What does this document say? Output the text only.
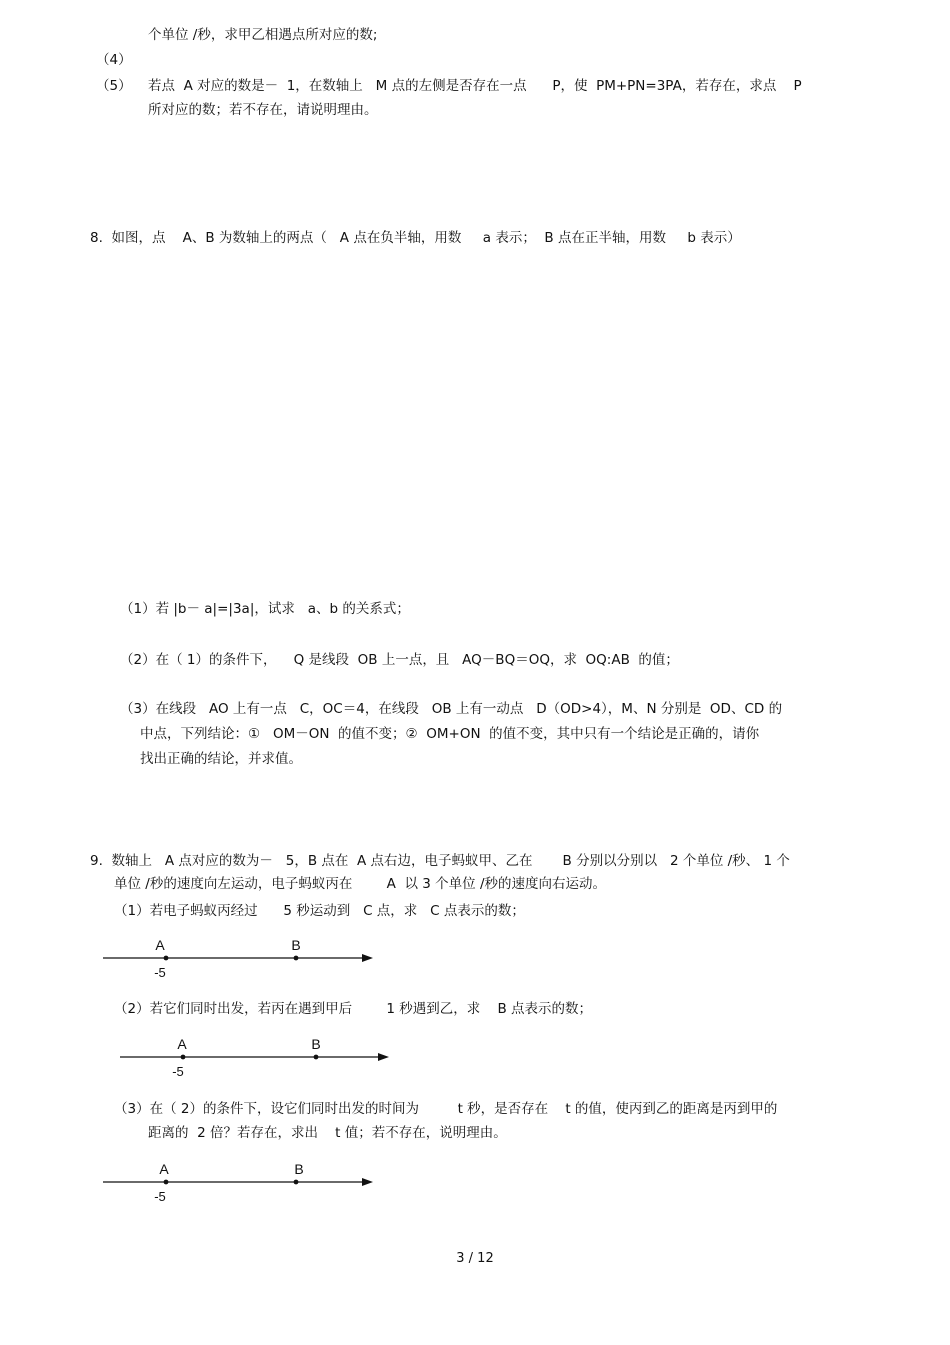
个单位 /秒，求甲乙相遇点所对应的数;
（4）
（5） 若点  A 对应的数是－  1，在数轴上   M 点的左侧是否存在一点      P，使  PM+PN=3PA，若存在，求点    P
所对应的数；若不存在，请说明理由。
8.  如图，点    A、B 为数轴上的两点（   A 点在负半轴，用数     a 表示；  B 点在正半轴，用数     b 表示）
（1）若 |b－ a|=|3a|，试求   a、b 的关系式；
（2）在（ 1）的条件下，    Q 是线段  OB 上一点，且   AQ－BQ＝OQ，求  OQ:AB  的值；
（3）在线段   AO 上有一点   C，OC＝4，在线段   OB 上有一动点   D（OD>4），M、N 分别是  OD、CD 的
中点，下列结论：①   OM－ON  的值不变；②  OM+ON  的值不变，其中只有一个结论是正确的，请你
找出正确的结论，并求值。
9.  数轴上   A 点对应的数为－   5，B 点在  A 点右边，电子蚂蚁甲、乙在       B 分别以分别以   2 个单位 /秒、 1 个
单位 /秒的速度向左运动，电子蚂蚁丙在        A  以 3 个单位 /秒的速度向右运动。
（1）若电子蚂蚁丙经过      5 秒运动到   C 点，求   C 点表示的数；
A	B
-5
（2）若它们同时出发，若丙在遇到甲后        1 秒遇到乙，求    B 点表示的数；
A	B
-5
（3）在（ 2）的条件下，设它们同时出发的时间为         t 秒，是否存在    t 的值，使丙到乙的距离是丙到甲的
距离的  2 倍？若存在，求出    t 值；若不存在，说明理由。
A	B
-5
3 / 12
